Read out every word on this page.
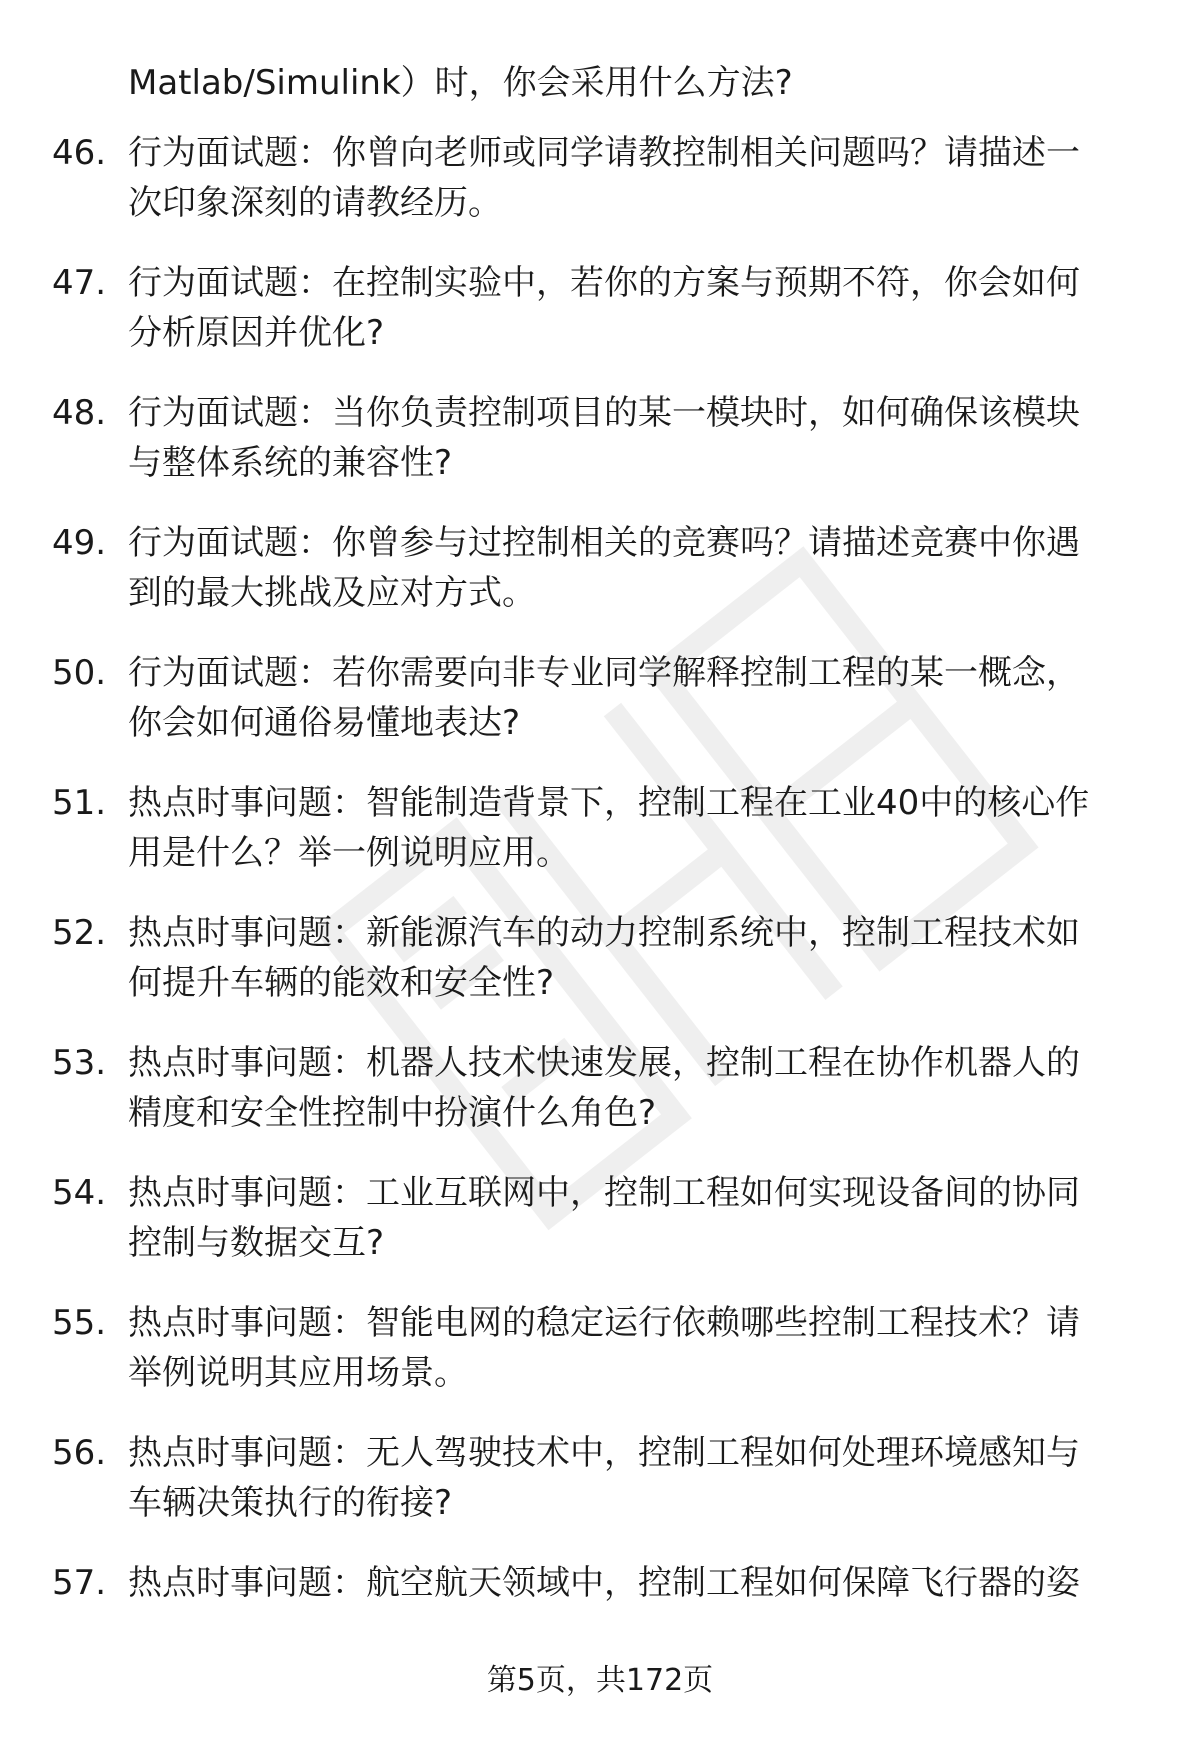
Matlab/Simulink）时，你会采用什么方法?
46. 行为面试题：你曾向老师或同学请教控制相关问题吗？请描述一
次印象深刻的请教经历。
47. 行为面试题：在控制实验中，若你的方案与预期不符，你会如何
分析原因并优化?
48. 行为面试题：当你负责控制项目的某一模块时，如何确保该模块
与整体系统的兼容性?
49. 行为面试题：你曾参与过控制相关的竞赛吗？请描述竞赛中你遇
到的最大挑战及应对方式。
50. 行为面试题：若你需要向非专业同学解释控制工程的某一概念，
你会如何通俗易懂地表达?
51. 热点时事问题：智能制造背景下，控制工程在工业40中的核心作
用是什么？举一例说明应用。
52. 热点时事问题：新能源汽车的动力控制系统中，控制工程技术如
何提升车辆的能效和安全性?
53. 热点时事问题：机器人技术快速发展，控制工程在协作机器人的
精度和安全性控制中扮演什么角色?
54. 热点时事问题：工业互联网中，控制工程如何实现设备间的协同
控制与数据交互?
55. 热点时事问题：智能电网的稳定运行依赖哪些控制工程技术？请
举例说明其应用场景。
56. 热点时事问题：无人驾驶技术中，控制工程如何处理环境感知与
车辆决策执行的衔接?
57. 热点时事问题：航空航天领域中，控制工程如何保障飞行器的姿
第5页，共172页
